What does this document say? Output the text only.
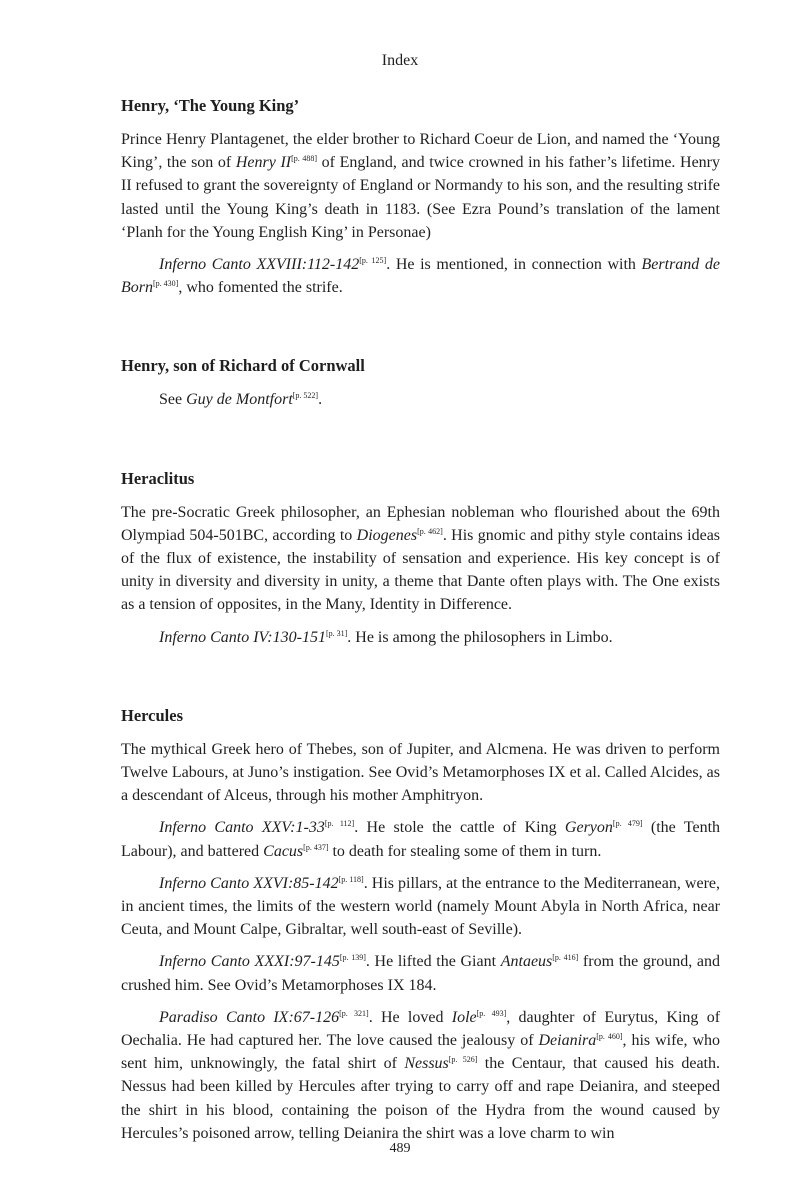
Index
Henry, ‘The Young King’

Prince Henry Plantagenet, the elder brother to Richard Coeur de Lion, and named the ‘Young King’, the son of Henry II[p. 488] of England, and twice crowned in his father’s lifetime. Henry II refused to grant the sovereignty of England or Normandy to his son, and the resulting strife lasted until the Young King’s death in 1183. (See Ezra Pound’s translation of the lament ‘Planh for the Young English King’ in Personae)

Inferno Canto XXVIII:112-142[p. 125]. He is mentioned, in connection with Bertrand de Born[p. 430], who fomented the strife.

Henry, son of Richard of Cornwall

See Guy de Montfort[p. 522].

Heraclitus

The pre-Socratic Greek philosopher, an Ephesian nobleman who flourished about the 69th Olympiad 504-501BC, according to Diogenes[p. 462]. His gnomic and pithy style contains ideas of the flux of existence, the instability of sensation and experience. His key concept is of unity in diversity and diversity in unity, a theme that Dante often plays with. The One exists as a tension of opposites, in the Many, Identity in Difference.

Inferno Canto IV:130-151[p. 31]. He is among the philosophers in Limbo.

Hercules

The mythical Greek hero of Thebes, son of Jupiter, and Alcmena. He was driven to perform Twelve Labours, at Juno’s instigation. See Ovid’s Metamorphoses IX et al. Called Alcides, as a descendant of Alceus, through his mother Amphitryon.

Inferno Canto XXV:1-33[p. 112]. He stole the cattle of King Geryon[p. 479] (the Tenth Labour), and battered Cacus[p. 437] to death for stealing some of them in turn.

Inferno Canto XXVI:85-142[p. 118]. His pillars, at the entrance to the Mediterranean, were, in ancient times, the limits of the western world (namely Mount Abyla in North Africa, near Ceuta, and Mount Calpe, Gibraltar, well south-east of Seville).

Inferno Canto XXXI:97-145[p. 139]. He lifted the Giant Antaeus[p. 416] from the ground, and crushed him. See Ovid’s Metamorphoses IX 184.

Paradiso Canto IX:67-126[p. 321]. He loved Iole[p. 493], daughter of Eurytus, King of Oechalia. He had captured her. The love caused the jealousy of Deianira[p. 460], his wife, who sent him, unknowingly, the fatal shirt of Nessus[p. 526] the Centaur, that caused his death. Nessus had been killed by Hercules after trying to carry off and rape Deianira, and steeped the shirt in his blood, containing the poison of the Hydra from the wound caused by Hercules’s poisoned arrow, telling Deianira the shirt was a love charm to win

489
